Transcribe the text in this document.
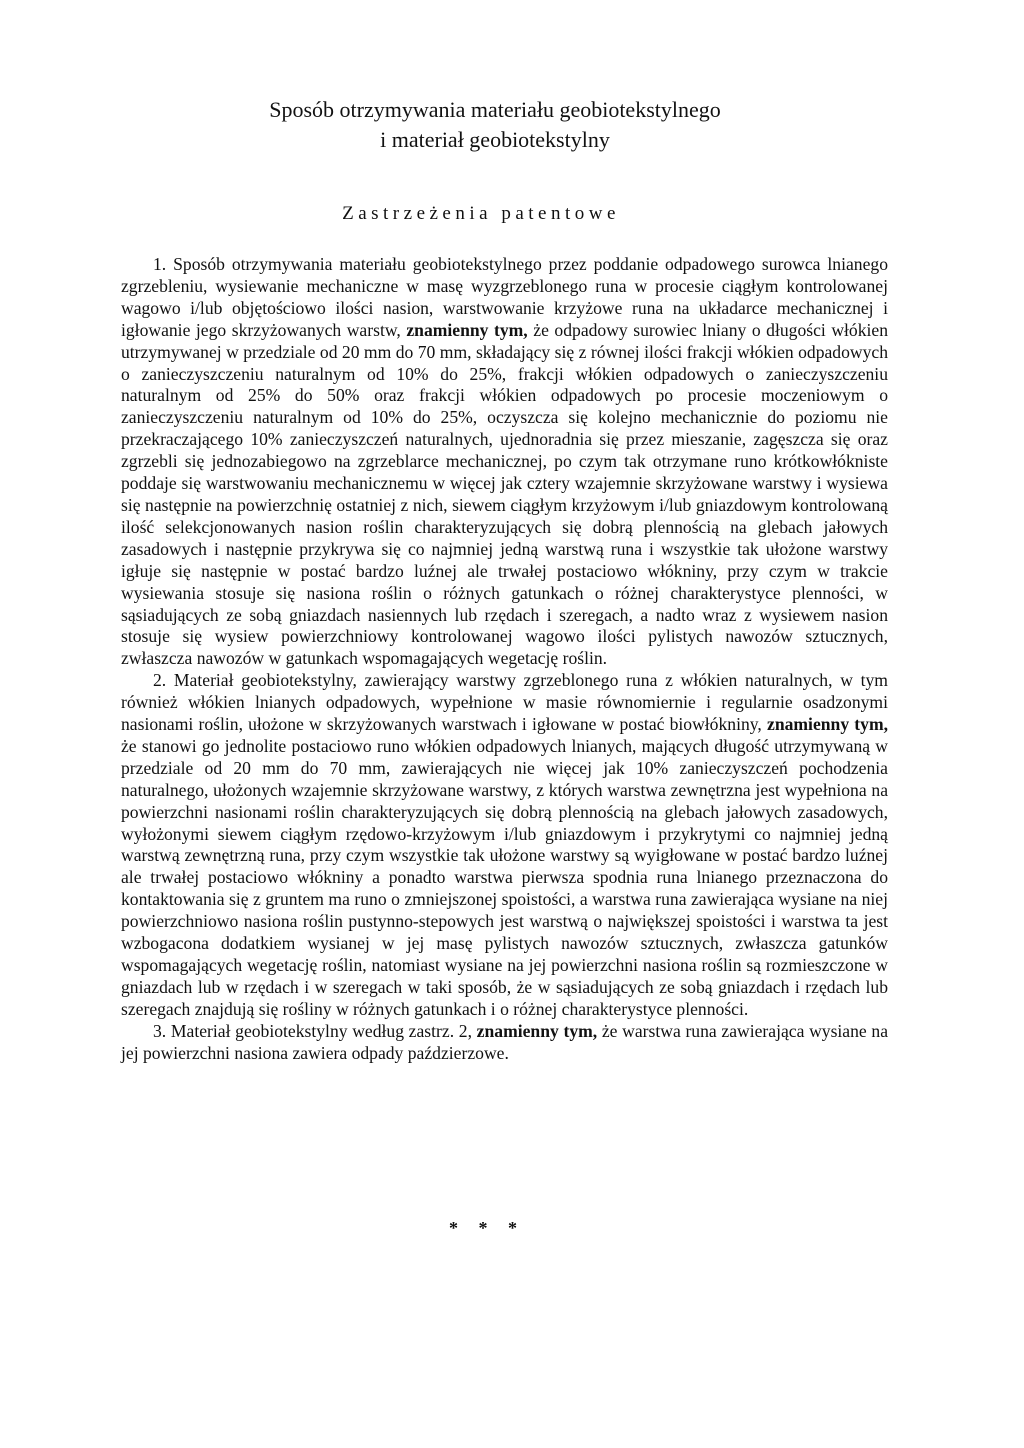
Sposób otrzymywania materiału geobiotekstylnego
i materiał geobiotekstylny
Zastrzeżenia patentowe

1. Sposób otrzymywania materiału geobiotekstylnego przez poddanie odpadowego surowca lnianego zgrzebleniu, wysiewanie mechaniczne w masę wyzgrzeblonego runa w procesie ciągłym kontrolowanej wagowo i/lub objętościowo ilości nasion, warstwowanie krzyżowe runa na układarce mechanicznej i igłowanie jego skrzyżowanych warstw, znamienny tym, że odpadowy surowiec lniany o długości włókien utrzymywanej w przedziale od 20 mm do 70 mm, składający się z równej ilości frakcji włókien odpadowych o zanieczyszczeniu naturalnym od 10% do 25%, frakcji włókien odpadowych o zanieczyszczeniu naturalnym od 25% do 50% oraz frakcji włókien odpadowych po procesie moczeniowym o zanieczyszczeniu naturalnym od 10% do 25%, oczyszcza się kolejno mechanicznie do poziomu nie przekraczającego 10% zanieczyszczeń naturalnych, ujednoradnia się przez mieszanie, zagęszcza się oraz zgrzebli się jednozabiegowo na zgrzeblarce mechanicznej, po czym tak otrzymane runo krótkowłókniste poddaje się warstwowaniu mechanicznemu w więcej jak cztery wzajemnie skrzyżowane warstwy i wysiewa się następnie na powierzchnię ostatniej z nich, siewem ciągłym krzyżowym i/lub gniazdowym kontrolowaną ilość selekcjonowanych nasion roślin charakteryzujących się dobrą plennością na glebach jałowych zasadowych i następnie przykrywa się co najmniej jedną warstwą runa i wszystkie tak ułożone warstwy igłuje się następnie w postać bardzo luźnej ale trwałej postaciowo włókniny, przy czym w trakcie wysiewania stosuje się nasiona roślin o różnych gatunkach o różnej charakterystyce plenności, w sąsiadujących ze sobą gniazdach nasiennych lub rzędach i szeregach, a nadto wraz z wysiewem nasion stosuje się wysiew powierzchniowy kontrolowanej wagowo ilości pylistych nawozów sztucznych, zwłaszcza nawozów w gatunkach wspomagających wegetację roślin.

2. Materiał geobiotekstylny, zawierający warstwy zgrzeblonego runa z włókien naturalnych, w tym również włókien lnianych odpadowych, wypełnione w masie równomiernie i regularnie osadzonymi nasionami roślin, ułożone w skrzyżowanych warstwach i igłowane w postać biowłókniny, znamienny tym, że stanowi go jednolite postaciowo runo włókien odpadowych lnianych, mających długość utrzymywaną w przedziale od 20 mm do 70 mm, zawierających nie więcej jak 10% zanieczyszczeń pochodzenia naturalnego, ułożonych wzajemnie skrzyżowane warstwy, z których warstwa zewnętrzna jest wypełniona na powierzchni nasionami roślin charakteryzujących się dobrą plennością na glebach jałowych zasadowych, wyłożonymi siewem ciągłym rzędowo-krzyżowym i/lub gniazdowym i przykrytymi co najmniej jedną warstwą zewnętrzną runa, przy czym wszystkie tak ułożone warstwy są wyigłowane w postać bardzo luźnej ale trwałej postaciowo włókniny a ponadto warstwa pierwsza spodnia runa lnianego przeznaczona do kontaktowania się z gruntem ma runo o zmniejszonej spoistości, a warstwa runa zawierająca wysiane na niej powierzchniowo nasiona roślin pustynno-stepowych jest warstwą o największej spoistości i warstwa ta jest wzbogacona dodatkiem wysianej w jej masę pylistych nawozów sztucznych, zwłaszcza gatunków wspomagających wegetację roślin, natomiast wysiane na jej powierzchni nasiona roślin są rozmieszczone w gniazdach lub w rzędach i w szeregach w taki sposób, że w sąsiadujących ze sobą gniazdach i rzędach lub szeregach znajdują się rośliny w różnych gatunkach i o różnej charakterystyce plenności.

3. Materiał geobiotekstylny według zastrz. 2, znamienny tym, że warstwa runa zawierająca wysiane na jej powierzchni nasiona zawiera odpady paździerzowe.

* * *
